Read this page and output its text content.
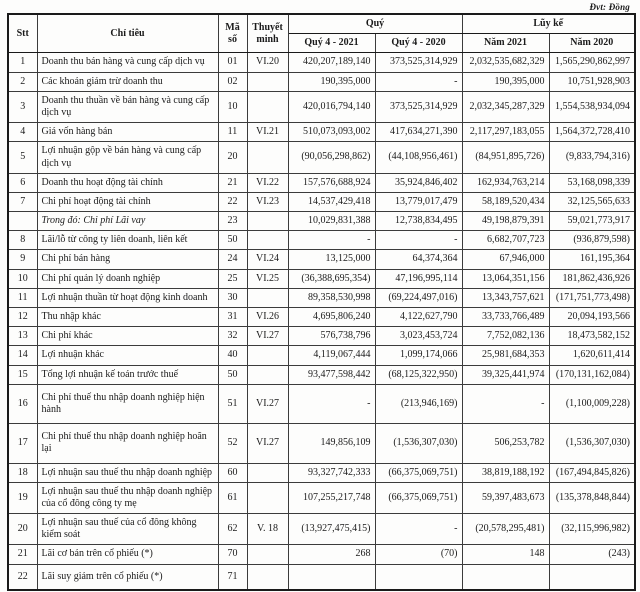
Đvt: Đồng
Stt	Chỉ tiêu	Mã số	Thuyết minh	Quý		Lũy kế	
				Quý 4 - 2021	Quý 4 - 2020	Năm 2021	Năm 2020
1	Doanh thu bán hàng và cung cấp dịch vụ	01	VI.20	420,207,189,140	373,525,314,929	2,032,535,682,329	1,565,290,862,997
2	Các khoản giảm trừ doanh thu	02		190,395,000	-	190,395,000	10,751,928,903
3	Doanh thu thuần về bán hàng và cung cấp dịch vụ	10		420,016,794,140	373,525,314,929	2,032,345,287,329	1,554,538,934,094
4	Giá vốn hàng bán	11	VI.21	510,073,093,002	417,634,271,390	2,117,297,183,055	1,564,372,728,410
5	Lợi nhuận gộp về bán hàng và cung cấp dịch vụ	20		(90,056,298,862)	(44,108,956,461)	(84,951,895,726)	(9,833,794,316)
6	Doanh thu hoạt động tài chính	21	VI.22	157,576,688,924	35,924,846,402	162,934,763,214	53,168,098,339
7	Chi phí hoạt động tài chính	22	VI.23	14,537,429,418	13,779,017,479	58,189,520,434	32,125,565,633
	Trong đó: Chi phí Lãi vay	23		10,029,831,388	12,738,834,495	49,198,879,391	59,021,773,917
8	Lãi/lỗ từ công ty liên doanh, liên kết	50		-	-	6,682,707,723	(936,879,598)
9	Chi phí bán hàng	24	VI.24	13,125,000	64,374,364	67,946,000	161,195,364
10	Chi phí quản lý doanh nghiệp	25	VI.25	(36,388,695,354)	47,196,995,114	13,064,351,156	181,862,436,926
11	Lợi nhuận thuần từ hoạt động kinh doanh	30		89,358,530,998	(69,224,497,016)	13,343,757,621	(171,751,773,498)
12	Thu nhập khác	31	VI.26	4,695,806,240	4,122,627,790	33,733,766,489	20,094,193,566
13	Chi phí khác	32	VI.27	576,738,796	3,023,453,724	7,752,082,136	18,473,582,152
14	Lợi nhuận khác	40		4,119,067,444	1,099,174,066	25,981,684,353	1,620,611,414
15	Tổng lợi nhuận kế toán trước thuế	50		93,477,598,442	(68,125,322,950)	39,325,441,974	(170,131,162,084)
16	Chi phí thuế thu nhập doanh nghiệp hiện hành	51	VI.27	-	(213,946,169)	-	(1,100,009,228)
17	Chi phí thuế thu nhập doanh nghiệp hoãn lại	52	VI.27	149,856,109	(1,536,307,030)	506,253,782	(1,536,307,030)
18	Lợi nhuận sau thuế thu nhập doanh nghiệp	60		93,327,742,333	(66,375,069,751)	38,819,188,192	(167,494,845,826)
19	Lợi nhuận sau thuế thu nhập doanh nghiệp của cổ đông công ty mẹ	61		107,255,217,748	(66,375,069,751)	59,397,483,673	(135,378,848,844)
20	Lợi nhuận sau thuế của cổ đông không kiểm soát	62	V. 18	(13,927,475,415)	-	(20,578,295,481)	(32,115,996,982)
21	Lãi cơ bản trên cổ phiếu (*)	70		268	(70)	148	(243)
22	Lãi suy giảm trên cổ phiếu (*)	71					
